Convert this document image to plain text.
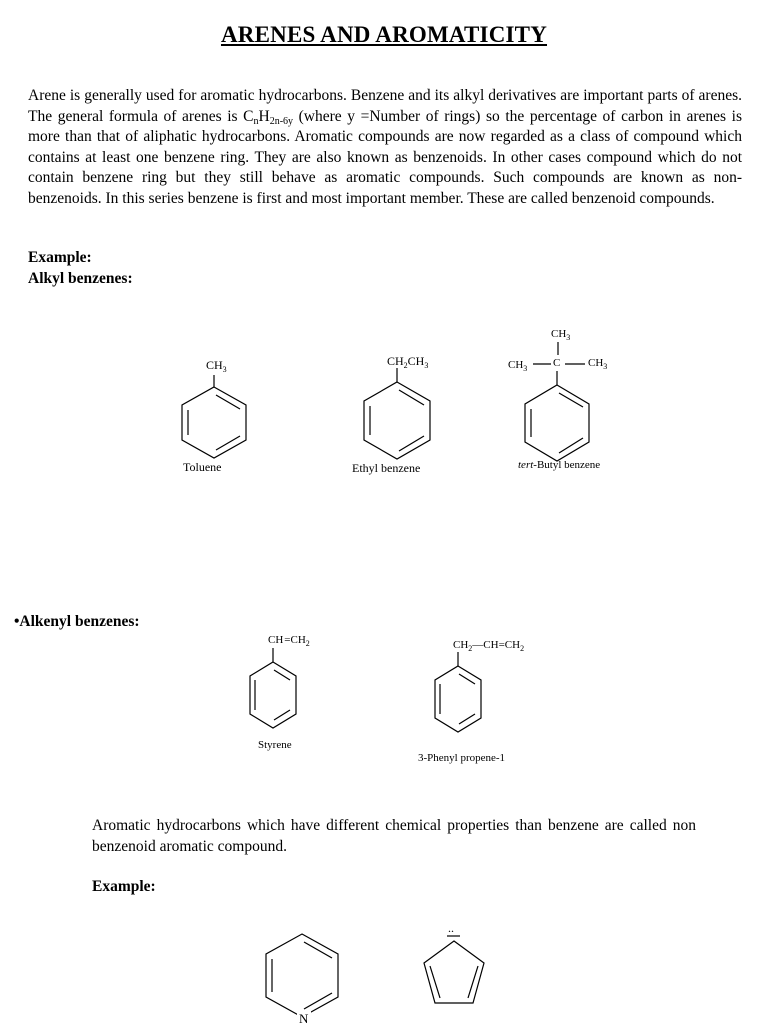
ARENES AND AROMATICITY
Arene is generally used for aromatic hydrocarbons. Benzene and its alkyl derivatives are important parts of arenes. The general formula of arenes is $C_nH_{2n-6y}$ (where y =Number of rings) so the percentage of carbon in arenes is more than that of aliphatic hydrocarbons. Aromatic compounds are now regarded as a class of compound which contains at least one benzene ring. They are also known as benzenoids. In other cases compound which do not contain benzene ring but they still behave as aromatic compounds. Such compounds are known as non-benzenoids. In this series benzene is first and most important member. These are called benzenoid compounds.
Example:
Alkyl benzenes:
•Alkenyl benzenes:
Aromatic hydrocarbons which have different chemical properties than benzene are called non benzenoid aromatic compound.
Example:
$CH_3$
Toluene
$CH_2CH_3$
Ethyl benzene
$CH_3$
$CH_3$ C	$CH_3$
tert-Butyl benzene
$CH=CH_2$
Styrene
$CH_2—CH=CH_2$
3-Phenyl propene-1
N
..
